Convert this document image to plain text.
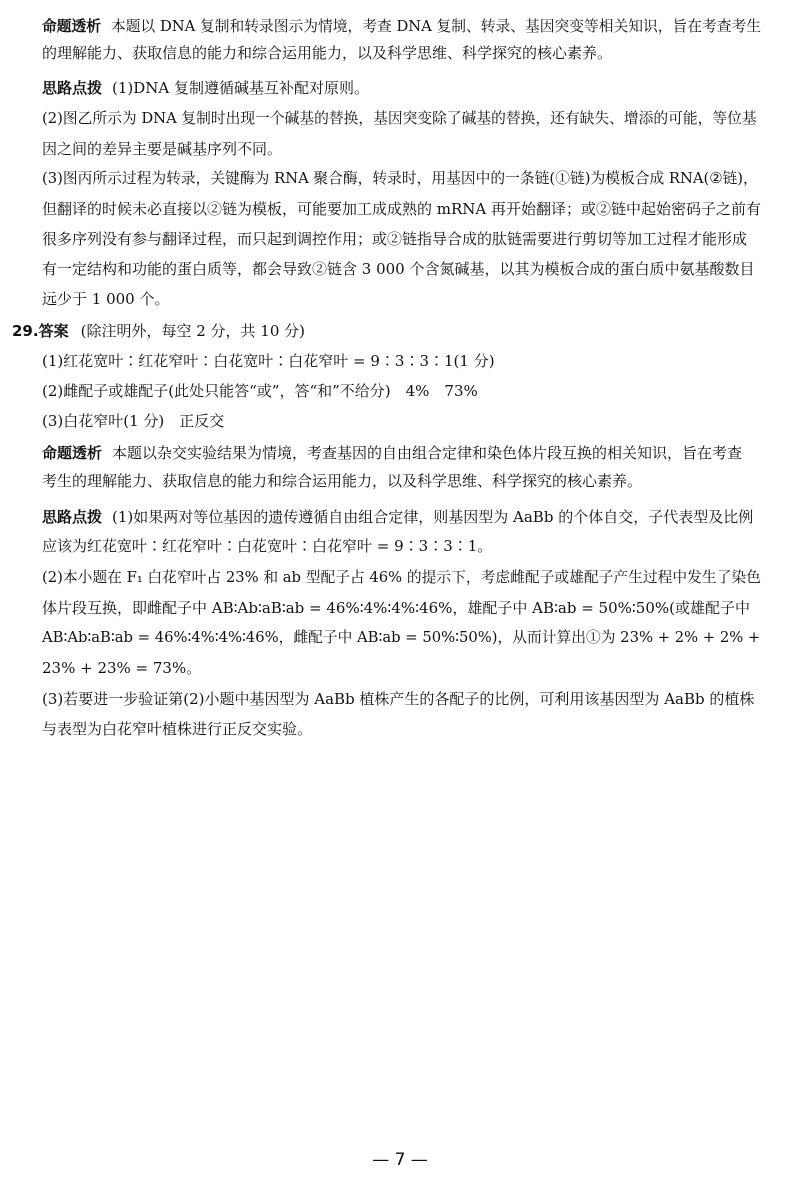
命题透析 本题以 DNA 复制和转录图示为情境，考查 DNA 复制、转录、基因突变等相关知识，旨在考查考生
的理解能力、获取信息的能力和综合运用能力，以及科学思维、科学探究的核心素养。
思路点拨 (1)DNA 复制遵循碱基互补配对原则。
(2)图乙所示为 DNA 复制时出现一个碱基的替换，基因突变除了碱基的替换，还有缺失、增添的可能，等位基
因之间的差异主要是碱基序列不同。
(3)图丙所示过程为转录，关键酶为 RNA 聚合酶，转录时，用基因中的一条链(①链)为模板合成 RNA(②链)，
但翻译的时候未必直接以②链为模板，可能要加工成成熟的 mRNA 再开始翻译；或②链中起始密码子之前有
很多序列没有参与翻译过程，而只起到调控作用；或②链指导合成的肽链需要进行剪切等加工过程才能形成
有一定结构和功能的蛋白质等，都会导致②链含 3 000 个含氮碱基，以其为模板合成的蛋白质中氨基酸数目
远少于 1 000 个。
29.答案 (除注明外，每空 2 分，共 10 分)
(1)红花宽叶∶红花窄叶∶白花宽叶∶白花窄叶 = 9∶3∶3∶1(1 分)
(2)雌配子或雄配子(此处只能答“或”，答“和”不给分)　4%　73%
(3)白花窄叶(1 分)　正反交
命题透析 本题以杂交实验结果为情境，考查基因的自由组合定律和染色体片段互换的相关知识，旨在考查
考生的理解能力、获取信息的能力和综合运用能力，以及科学思维、科学探究的核心素养。
思路点拨 (1)如果两对等位基因的遗传遵循自由组合定律，则基因型为 AaBb 的个体自交，子代表型及比例
应该为红花宽叶∶红花窄叶∶白花宽叶∶白花窄叶 = 9∶3∶3∶1。
(2)本小题在 F₁ 白花窄叶占 23% 和 ab 型配子占 46% 的提示下，考虑雌配子或雄配子产生过程中发生了染色
体片段互换，即雌配子中 AB∶Ab∶aB∶ab = 46%∶4%∶4%∶46%，雄配子中 AB∶ab = 50%∶50%(或雄配子中
AB∶Ab∶aB∶ab = 46%∶4%∶4%∶46%，雌配子中 AB∶ab = 50%∶50%)，从而计算出①为 23% + 2% + 2% +
23% + 23% = 73%。
(3)若要进一步验证第(2)小题中基因型为 AaBb 植株产生的各配子的比例，可利用该基因型为 AaBb 的植株
与表型为白花窄叶植株进行正反交实验。
— 7 —
